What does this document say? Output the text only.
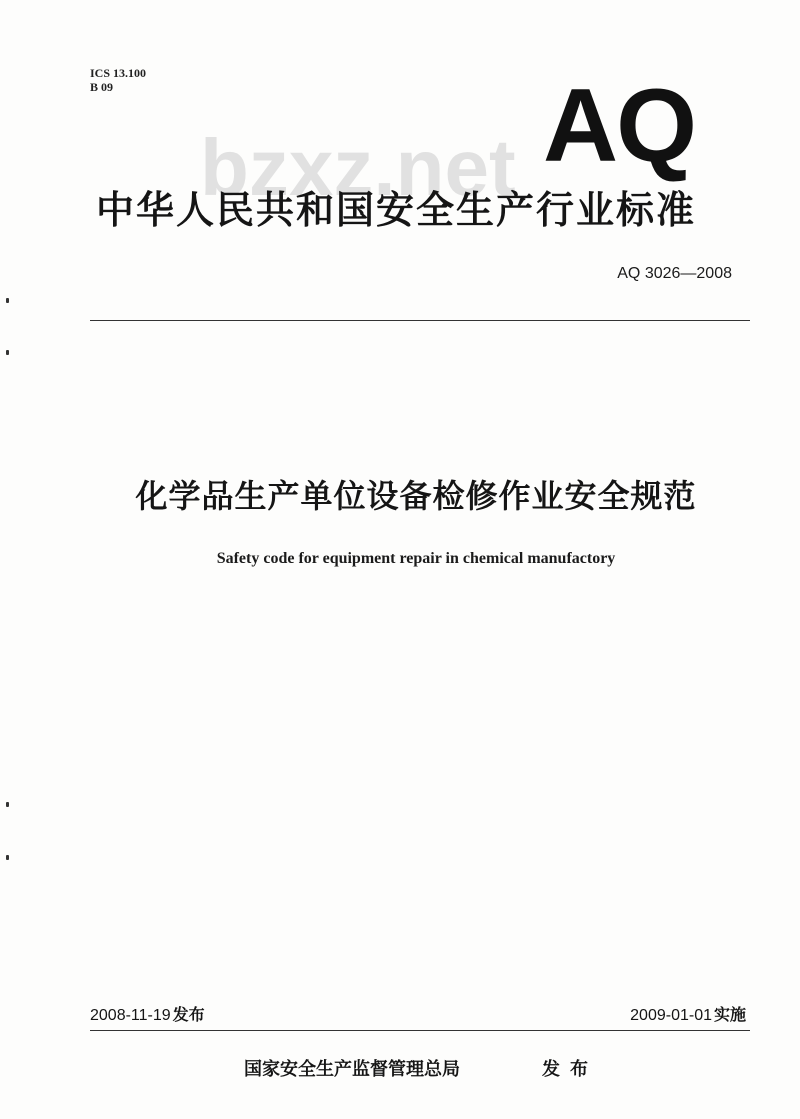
ICS 13.100
B 09	AQ
bzxz.net
中华人民共和国安全生产行业标准
AQ 3026—2008
化学品生产单位设备检修作业安全规范
Safety code for equipment repair in chemical manufactory
2008-11-19 发布	2009-01-01 实施
国家安全生产监督管理总局	发布
